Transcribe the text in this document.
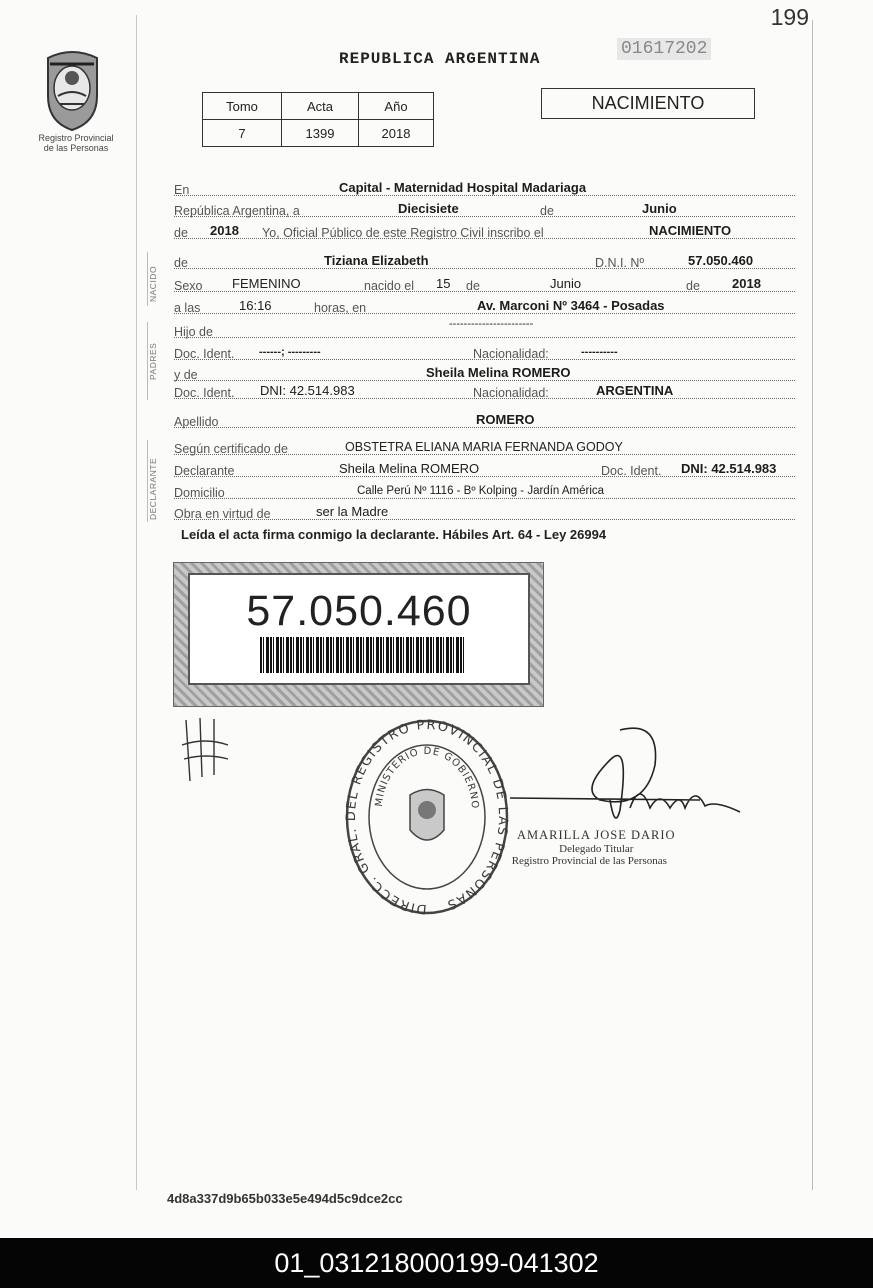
199
Registro Provincial
de las Personas
REPUBLICA ARGENTINA	01617202
Tomo	Acta	Año
7	1399	2018
NACIMIENTO
En	Capital - Maternidad Hospital Madariaga
República Argentina, a	Diecisiete	de	Junio
de 2018 Yo, Oficial Público de este Registro Civil inscribo el	NACIMIENTO
NACIDO
de	Tiziana Elizabeth	D.N.I. Nº	57.050.460
Sexo FEMENINO	nacido el 15 de	Junio	de 2018
a las	16:16	horas, en	Av. Marconi Nº 3464 - Posadas
PADRES
Hijo de
-----------------------
Doc. Ident. ------; ---------	Nacionalidad:	----------
y de	Sheila Melina ROMERO
Doc. Ident. DNI: 42.514.983	Nacionalidad:	ARGENTINA
Apellido	ROMERO
DECLARANTE
Según certificado de	OBSTETRA ELIANA MARIA FERNANDA GODOY
Declarante	Sheila Melina ROMERO	Doc. Ident. DNI: 42.514.983
Domicilio	Calle Perú Nº 1116 - Bº Kolping - Jardín América
Obra en virtud de	ser la Madre
Leída el acta firma conmigo la declarante. Hábiles Art. 64 - Ley 26994
57.050.460
DIRECC. GRAL. DEL REGISTRO PROVINCIAL DE LAS PERSONAS
MINISTERIO DE GOBIERNO
AMARILLA JOSE DARIO
Delegado Titular
Registro Provincial de las Personas
4d8a337d9b65b033e5e494d5c9dce2cc
01_031218000199-041302
